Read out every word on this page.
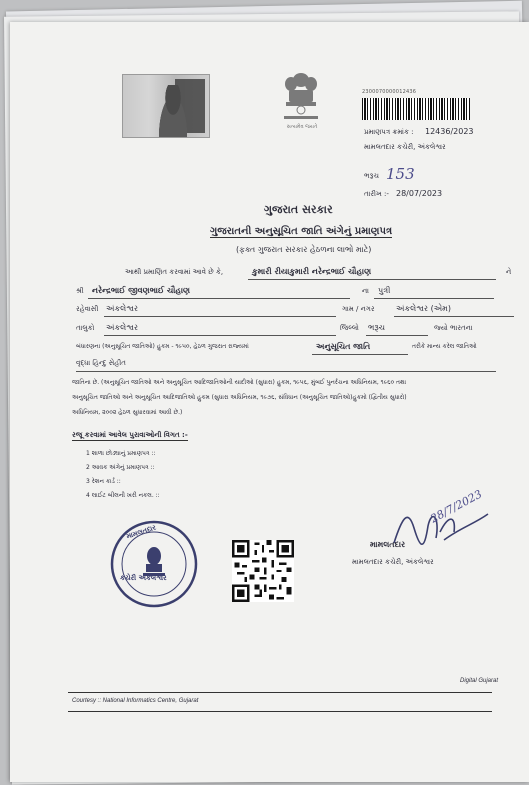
સત્યમેવ જયતે
2300070000012436
પ્રમાણપત્ર ક્રમાંક : 12436/2023
મામલતદાર કચેરી, અંકલેશ્વર
ભરૂચ 153
તારીખ :- 28/07/2023
ગુજરાત સરકાર
ગુજરાતની અનુસૂચિત જાતિ અંગેનું પ્રમાણપત્ર
(ફક્ત ગુજરાત સરકાર હેઠળના લાભો માટે)
આથી પ્રમાણિત કરવામાં આવે છે કે,	કુમારી રીયાકુમારી નરેન્દ્રભાઈ ચૌહાણ	ને
શ્રી નરેન્દ્રભાઈ જીવણભાઈ ચૌહાણ	ના પુત્રી
રહેવાસી અંકલેશ્વર	ગામ / નગર	અંકલેશ્વર (એમ)
તાલુકો અંકલેશ્વર	જિલ્લો ભરૂચ	જ્યો ભારતના
બંધારણના (અનુસૂચિત જાતિઓ) હુકમ - ૧૯૫૦, હેઠળ ગુજરાત રાજ્યમાં	અનુસૂચિત જાતિ	તરીકે માન્ય કરેલ જાતિઓ
વૃદ્ધા હિન્દુ સેહીત
જાતિના છે. (અનુસૂચિત જાતિઓ અને અનુસૂચિત આદિજાતિઓની યાદીઓ (સુધારા) હુકમ, ૧૯૫૬, મુંબઈ પુનર્રચના અધિનિયમ, ૧૯૬૦ તથા
અનુસૂચિત જાતિઓ અને અનુસૂચિત આદિજાતિઓ હુકમ (સુધારા અધિનિયમ, ૧૯૭૬, સંવિધાન (અનુસૂચિત જાતિઓ)હુકમો (દ્વિતીય સુધારો)
અધિનિયમ, ૨૦૦૨ હેઠળ સુધારવામાં આવી છે.)
રજૂ કરવામાં આવેલ પુરાવાઓની વિગત :-
1 શાળા છોડ્યાનું પ્રમાણપત્ર ::
2 આવક અંગેનું પ્રમાણપત્ર ::
3 રેશન કાર્ડ ::
4 લાઈટ બીલની ખરી નકલ. ::
મામલતદાર
કચેરી અંકલેશ્વર
28/7/2023
મામલતદાર
મામલતદાર કચેરી, અંકલેશ્વર
Courtesy :: National Informatics Centre, Gujarat
Digital Gujarat
